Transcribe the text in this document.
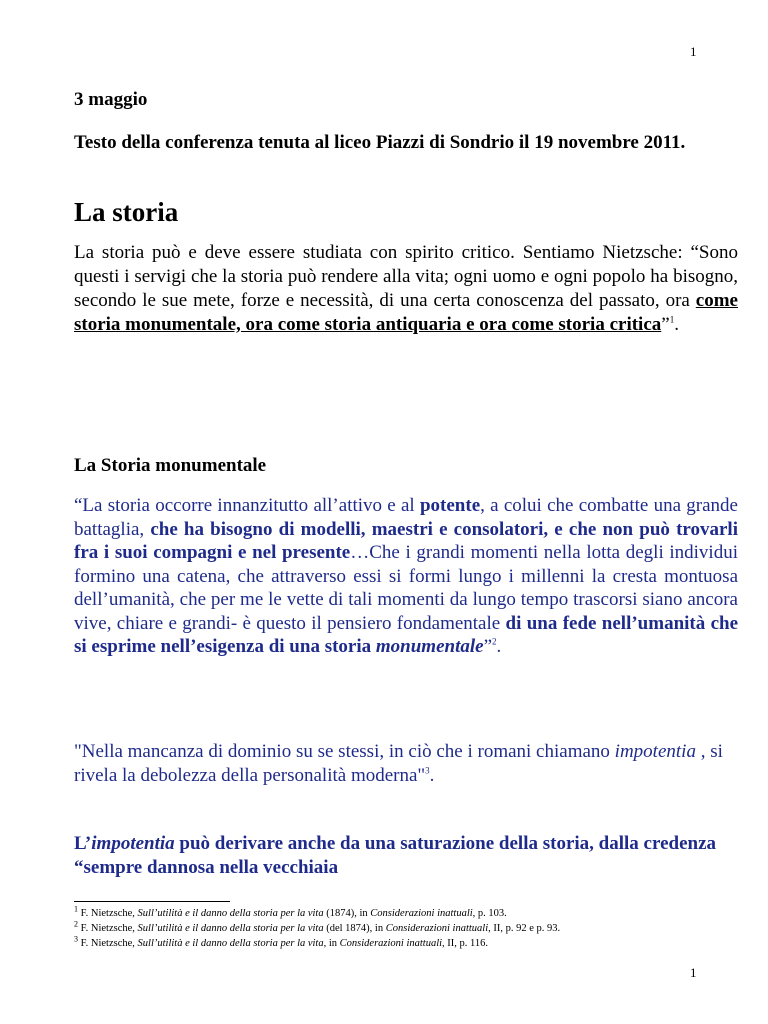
1
3 maggio
Testo della conferenza tenuta al liceo Piazzi di Sondrio il 19 novembre 2011.
La storia
La storia può e deve essere studiata con spirito critico. Sentiamo Nietzsche: “Sono questi i servigi che la storia può rendere alla vita; ogni uomo e ogni popolo ha bisogno, secondo le sue mete, forze e necessità, di una certa conoscenza del passato, ora come storia monumentale, ora come storia antiquaria e ora come storia critica”$^1$.
La Storia monumentale
“La storia occorre innanzitutto all’attivo e al potente, a colui che combatte una grande battaglia, che ha bisogno di modelli, maestri e consolatori, e che non può trovarli fra i suoi compagni e nel presente…Che i grandi momenti nella lotta degli individui formino una catena, che attraverso essi si formi lungo i millenni la cresta montuosa dell’umanità, che per me le vette di tali momenti da lungo tempo trascorsi siano ancora vive, chiare e grandi- è questo il pensiero fondamentale di una fede nell’umanità che si esprime nell’esigenza di una storia monumentale”$^2$.
"Nella mancanza di dominio su se stessi, in ciò che i romani chiamano impotentia , si rivela la debolezza della personalità moderna"$^3$.
L’impotentia può derivare anche da una saturazione della storia, dalla credenza “sempre dannosa nella vecchiaia
$^1$ F. Nietzsche, Sull’utilità e il danno della storia per la vita (1874), in Considerazioni inattuali, p. 103.
$^2$ F. Nietzsche, Sull’utilità e il danno della storia per la vita (del 1874), in Considerazioni inattuali, II, p. 92 e p. 93.
$^3$ F. Nietzsche, Sull’utilità e il danno della storia per la vita, in Considerazioni inattuali, II, p. 116.
1
